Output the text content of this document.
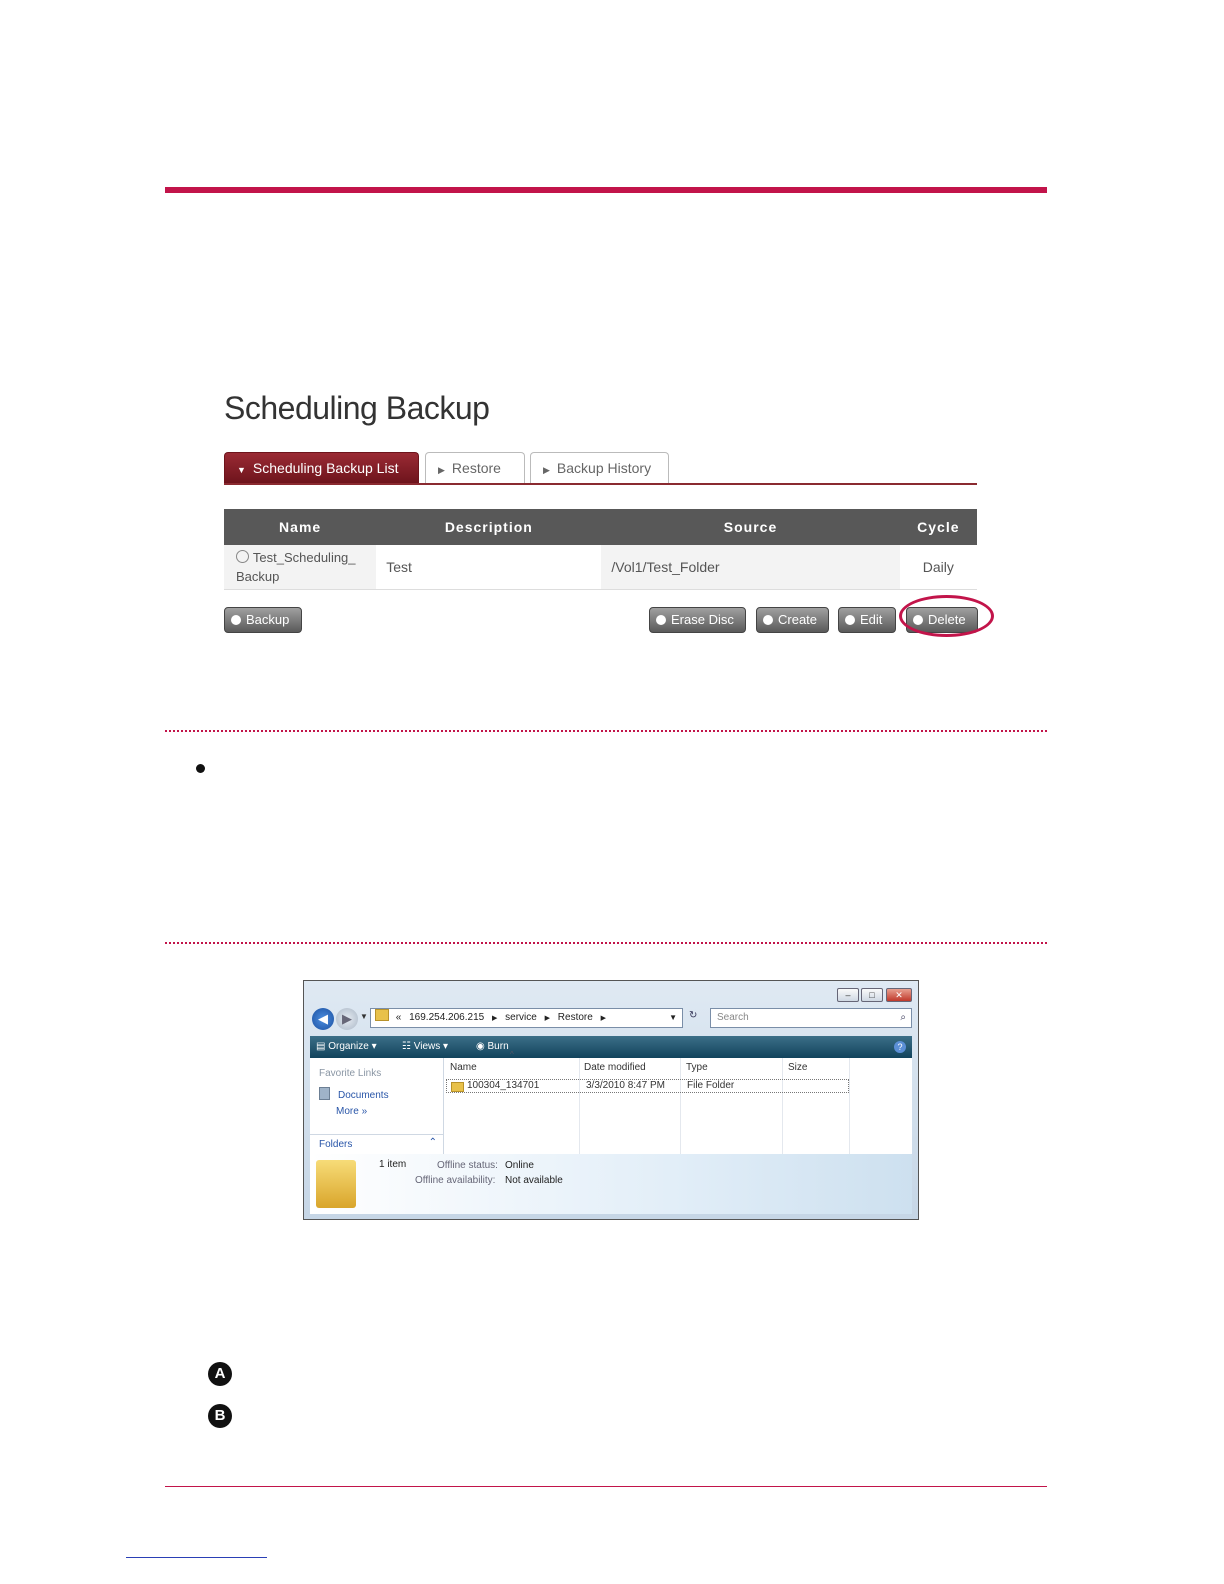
Scheduling Backup
▼ Scheduling Backup List	▶ Restore	▶ Backup History
Name	Description	Source	Cycle
Test_Scheduling_ Backup	Test	/Vol1/Test_Folder	Daily
Backup	Erase Disc	Create	Edit	Delete
–	□	✕
◀	▶	▼	« 169.254.206.215 ▶ service ▶ Restore ▶	▼ ↻	Search	⌕
▤ Organize ▾	☷ Views ▾	◉ Burn	?
Favorite Links
Documents
More »
Folders	⌃
Name	Date modified	Type	Size
^
100304_134701	3/3/2010 8:47 PM File Folder
1 item	Offline status: Online
Offline availability: Not available
A
B
